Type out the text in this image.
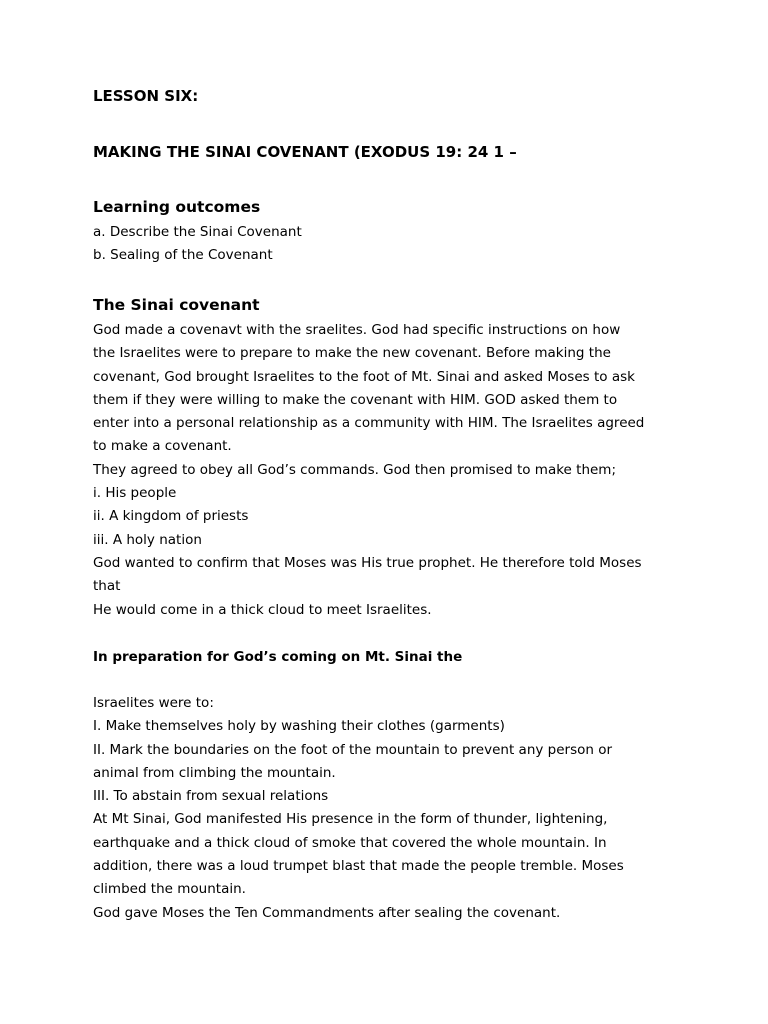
LESSON SIX:
MAKING THE SINAI COVENANT (EXODUS 19: 24 1 –
Learning outcomes

a. Describe the Sinai Covenant

b. Sealing of the Covenant

The Sinai covenant

God made a covenavt with the sraelites. God had specific instructions on how

the Israelites were to prepare to make the new covenant. Before making the

covenant, God brought Israelites to the foot of Mt. Sinai and asked Moses to ask

them if they were willing to make the covenant with HIM. GOD asked them to

enter into a personal relationship as a community with HIM. The Israelites agreed

to make a covenant.

They agreed to obey all God’s commands. God then promised to make them;

i. His people

ii. A kingdom of priests

iii. A holy nation

God wanted to confirm that Moses was His true prophet. He therefore told Moses

that

He would come in a thick cloud to meet Israelites.

In preparation for God’s coming on Mt. Sinai the

Israelites were to:

I. Make themselves holy by washing their clothes (garments)

II. Mark the boundaries on the foot of the mountain to prevent any person or

animal from climbing the mountain.

III. To abstain from sexual relations

At Mt Sinai, God manifested His presence in the form of thunder, lightening,

earthquake and a thick cloud of smoke that covered the whole mountain. In

addition, there was a loud trumpet blast that made the people tremble. Moses

climbed the mountain.

God gave Moses the Ten Commandments after sealing the covenant.
